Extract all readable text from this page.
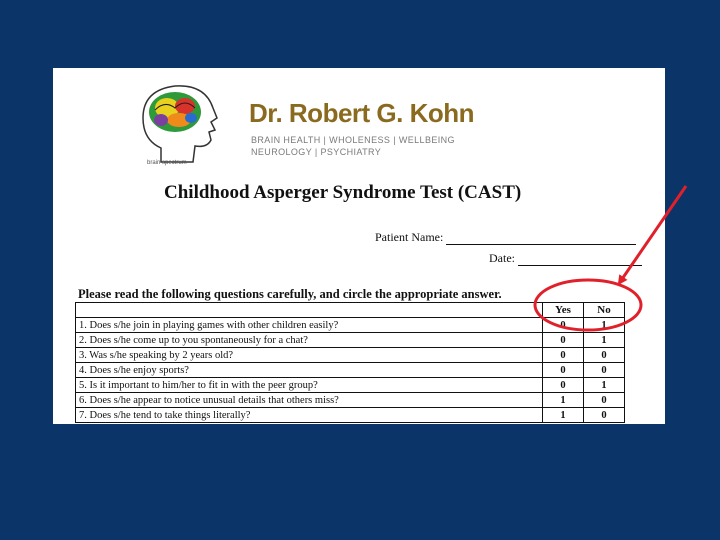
brain spectrum
Dr. Robert G. Kohn
BRAIN HEALTH | WHOLENESS | WELLBEING
NEUROLOGY | PSYCHIATRY
Childhood Asperger Syndrome Test (CAST)
Patient Name:
Date:
Please read the following questions carefully, and circle the appropriate answer.
	Yes	No
1. Does s/he join in playing games with other children easily?	0	1
2. Does s/he come up to you spontaneously for a chat?	0	1
3. Was s/he speaking by 2 years old?	0	0
4. Does s/he enjoy sports?	0	0
5. Is it important to him/her to fit in with the peer group?	0	1
6. Does s/he appear to notice unusual details that others miss?	1	0
7. Does s/he tend to take things literally?	1	0
